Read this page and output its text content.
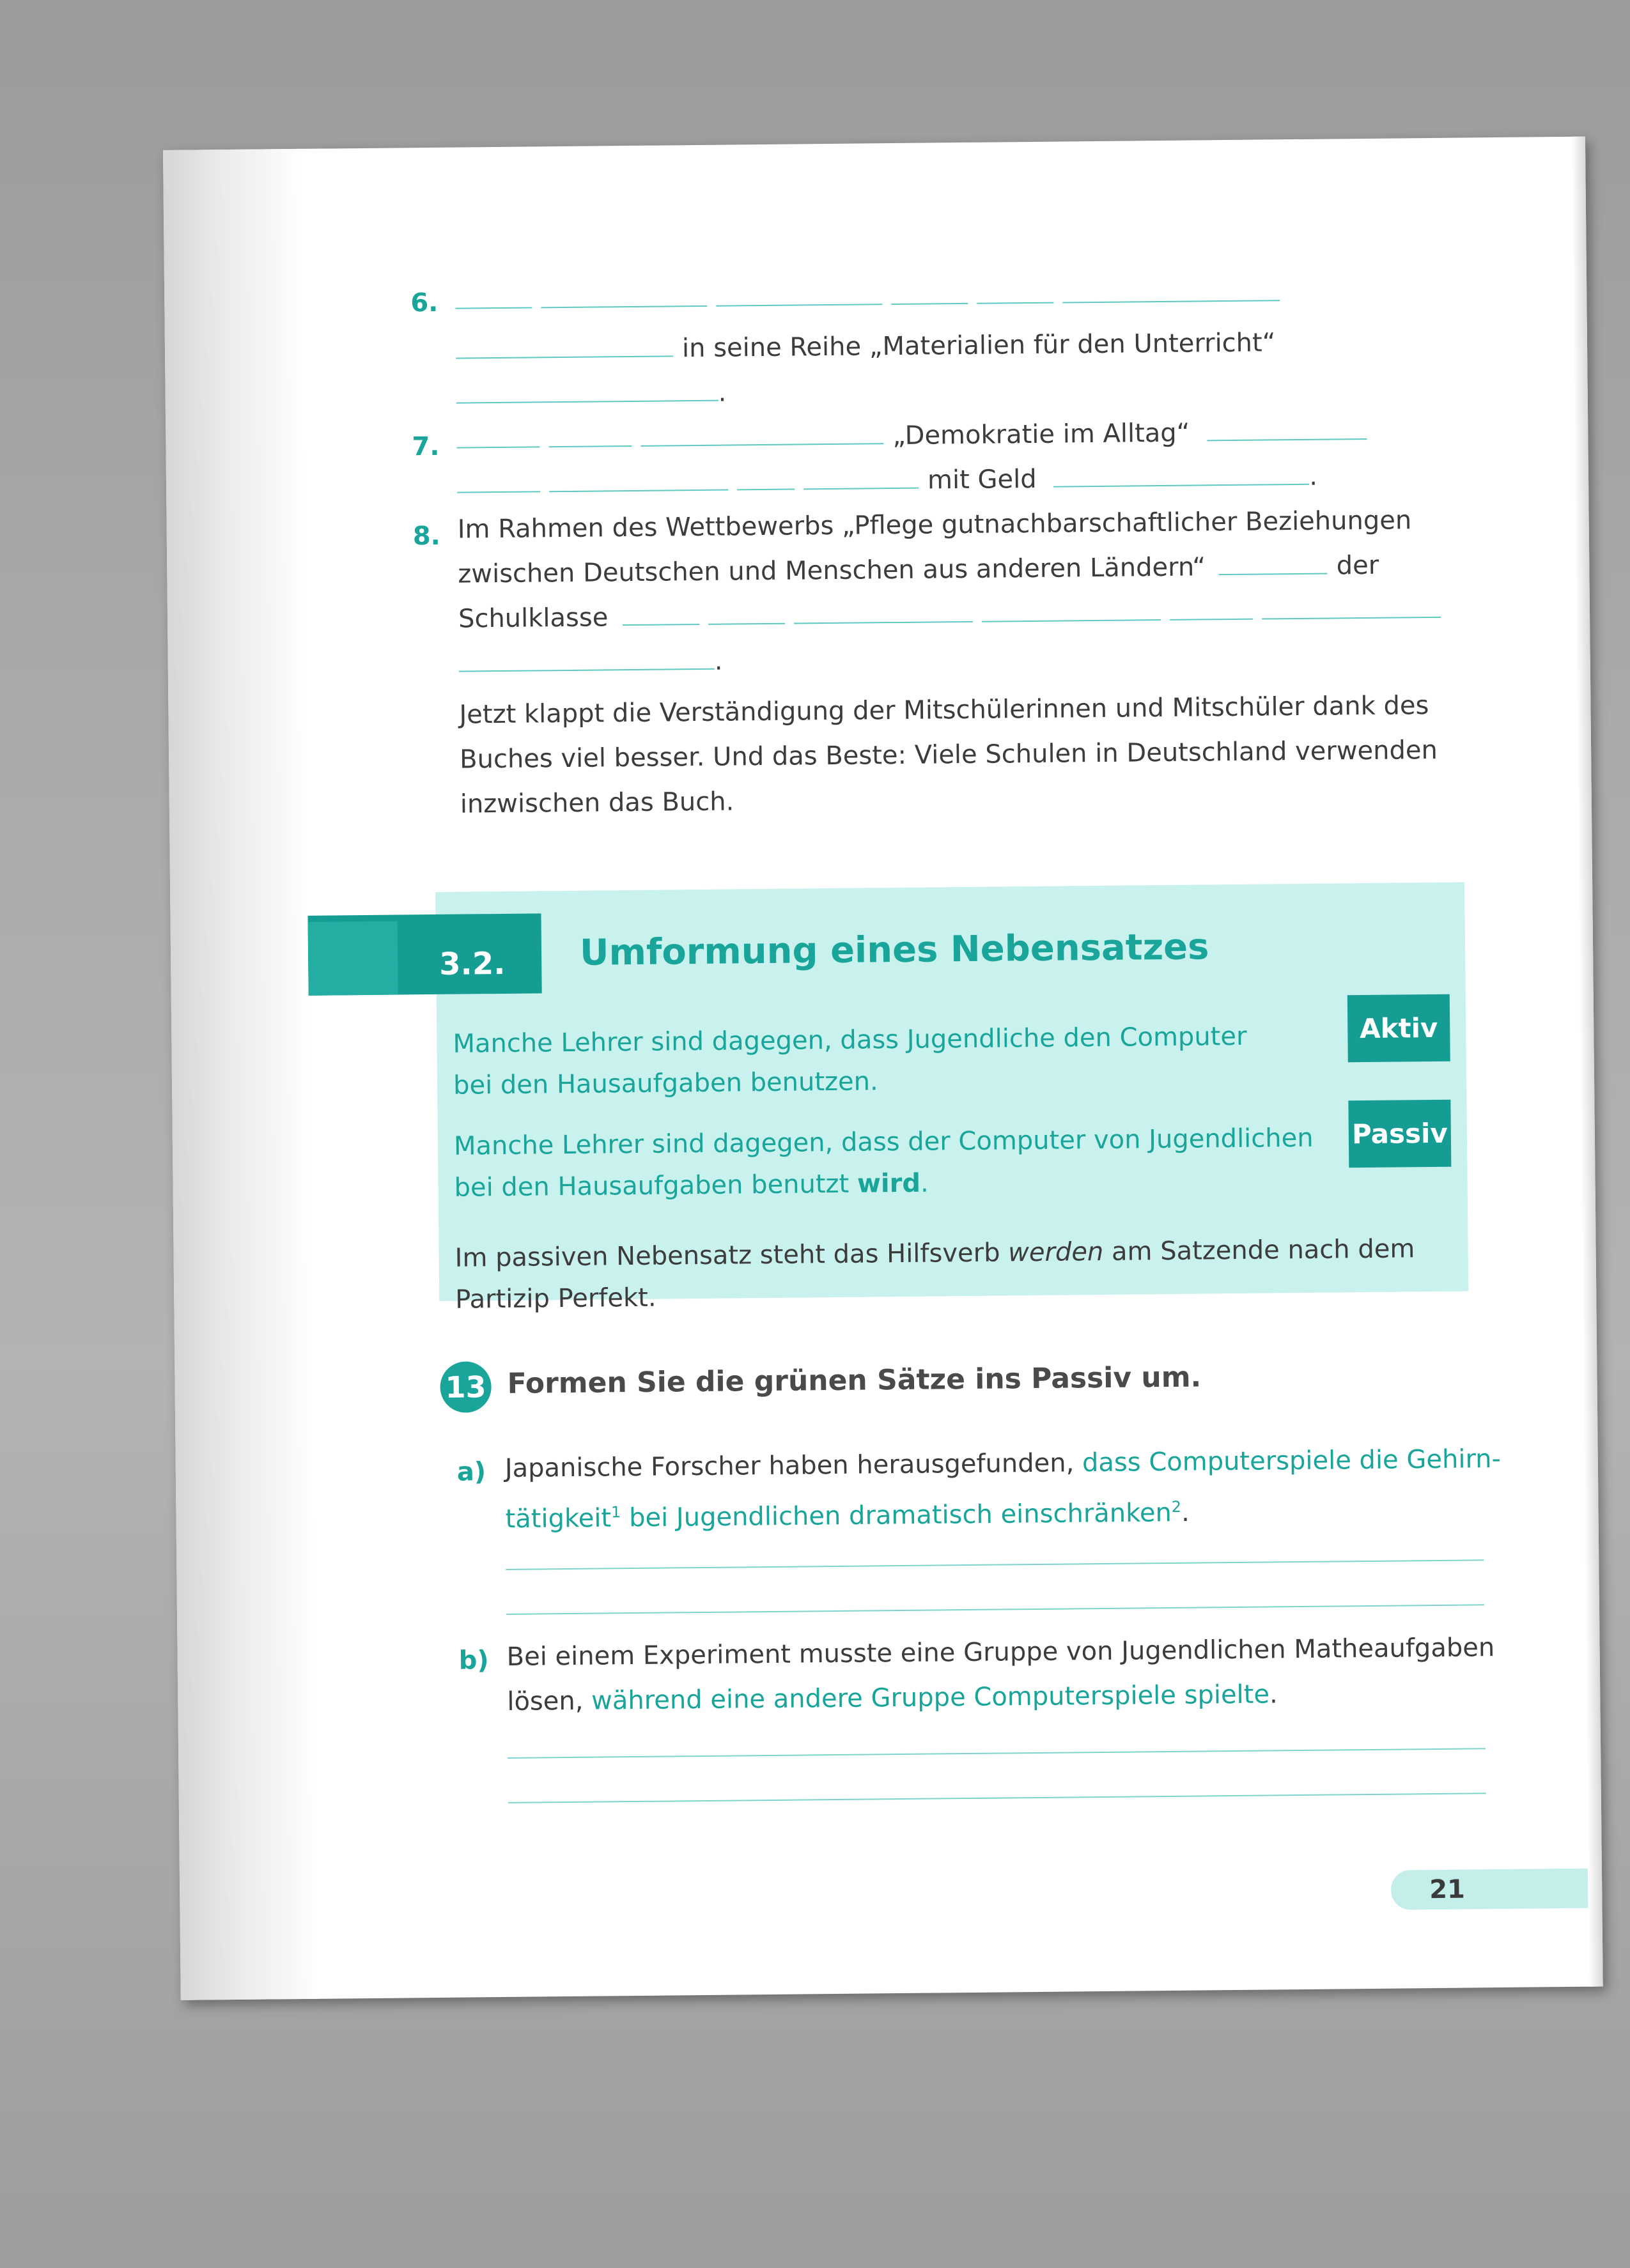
6.
in seine Reihe „Materialien für den Unterricht“
.
7.	„Demokratie im Alltag“
mit Geld	.
8. Im Rahmen des Wettbewerbs „Pflege gutnachbarschaftlicher Beziehungen
zwischen Deutschen und Menschen aus anderen Ländern“	der
Schulklasse
.
Jetzt klappt die Verständigung der Mitschülerinnen und Mitschüler dank des
Buches viel besser. Und das Beste: Viele Schulen in Deutschland verwenden
inzwischen das Buch.
3.2. Umformung eines Nebensatzes
Manche Lehrer sind dagegen, dass Jugendliche den Computer
bei den Hausaufgaben benutzen.
Aktiv
Manche Lehrer sind dagegen, dass der Computer von Jugendlichen
bei den Hausaufgaben benutzt wird.
Passiv
Im passiven Nebensatz steht das Hilfsverb werden am Satzende nach dem
Partizip Perfekt.
13 Formen Sie die grünen Sätze ins Passiv um.
a) Japanische Forscher haben herausgefunden, dass Computerspiele die Gehirn-
tätigkeit$^1$ bei Jugendlichen dramatisch einschränken$^2$.
b) Bei einem Experiment musste eine Gruppe von Jugendlichen Matheaufgaben
lösen, während eine andere Gruppe Computerspiele spielte.
21
